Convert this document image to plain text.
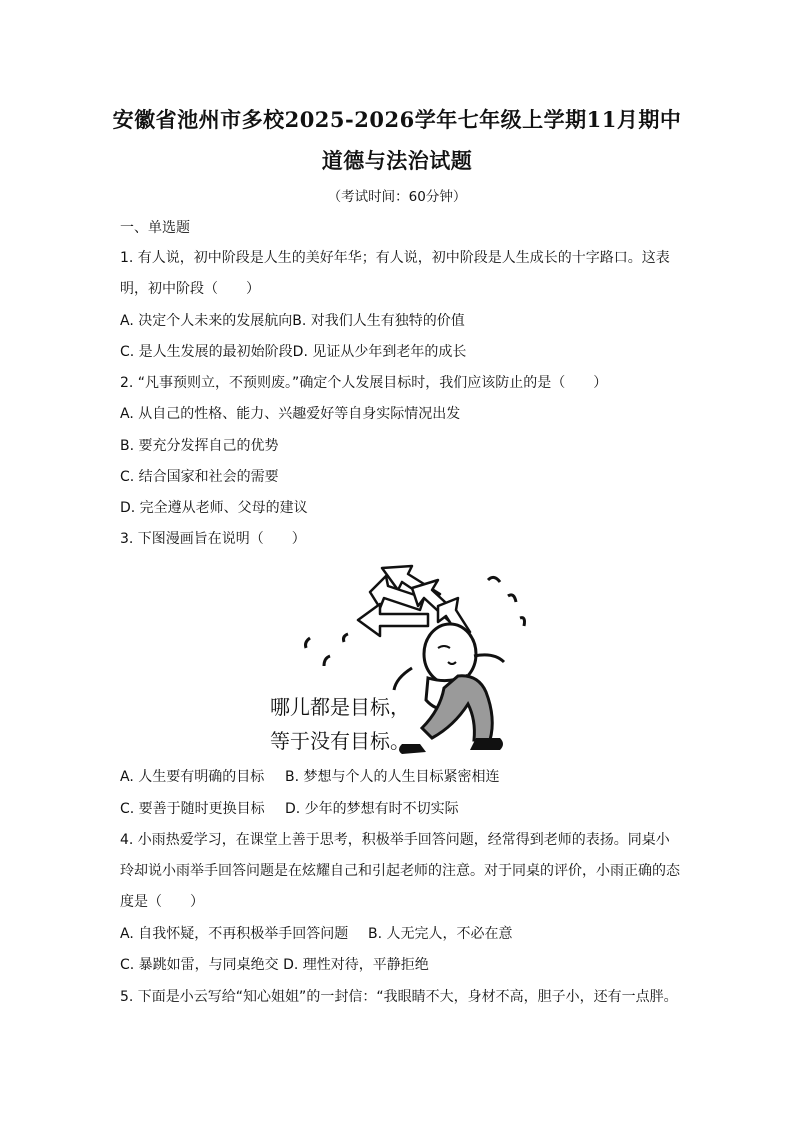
安徽省池州市多校2025-2026学年七年级上学期11月期中
道德与法治试题
（考试时间：60分钟）
一、单选题
1. 有人说，初中阶段是人生的美好年华；有人说，初中阶段是人生成长的十字路口。这表
明，初中阶段（　　）
A. 决定个人未来的发展航向B. 对我们人生有独特的价值
C. 是人生发展的最初始阶段D. 见证从少年到老年的成长
2. “凡事预则立，不预则废。”确定个人发展目标时，我们应该防止的是（　　）
A. 从自己的性格、能力、兴趣爱好等自身实际情况出发
B. 要充分发挥自己的优势
C. 结合国家和社会的需要
D. 完全遵从老师、父母的建议
3. 下图漫画旨在说明（　　）
哪儿都是目标，
等于没有目标。
A. 人生要有明确的目标 B. 梦想与个人的人生目标紧密相连
C. 要善于随时更换目标 D. 少年的梦想有时不切实际
4. 小雨热爱学习，在课堂上善于思考，积极举手回答问题，经常得到老师的表扬。同桌小
玲却说小雨举手回答问题是在炫耀自己和引起老师的注意。对于同桌的评价，小雨正确的态
度是（　　）
A. 自我怀疑，不再积极举手回答问题 B. 人无完人，不必在意
C. 暴跳如雷，与同桌绝交 D. 理性对待，平静拒绝
5. 下面是小云写给“知心姐姐”的一封信：“我眼睛不大，身材不高，胆子小，还有一点胖。
